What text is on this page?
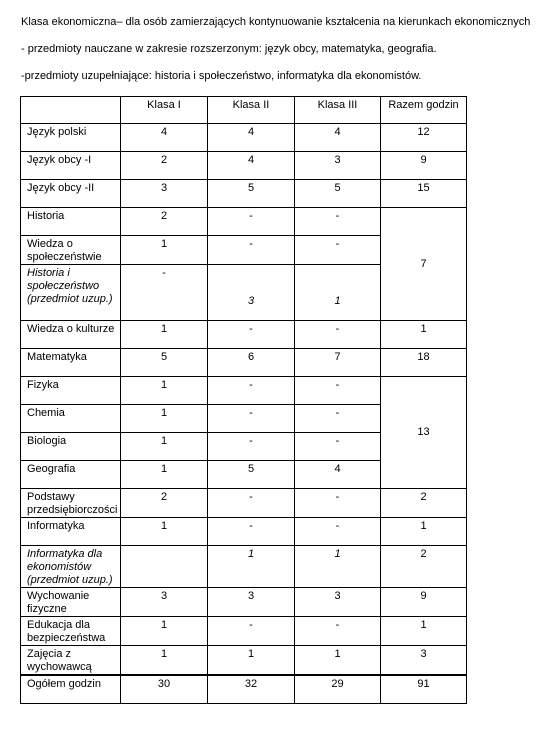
Klasa ekonomiczna– dla osób zamierzających kontynuowanie kształcenia na kierunkach ekonomicznych
- przedmioty nauczane w zakresie rozszerzonym: język obcy, matematyka, geografia.
-przedmioty uzupełniające: historia i społeczeństwo, informatyka dla ekonomistów.
	Klasa I	Klasa II	Klasa III	Razem godzin
Język polski	4	4	4	12
Język obcy -I	2	4	3	9
Język obcy -II	3	5	5	15
Historia	2	-	-	7
Wiedza o społeczeństwie	1	-	-	
Historia i społeczeństwo (przedmiot uzup.)	-	3	1	
Wiedza o kulturze	1	-	-	1
Matematyka	5	6	7	18
Fizyka	1	-	-	13
Chemia	1	-	-	
Biologia	1	-	-	
Geografia	1	5	4	
Podstawy przedsiębiorczości	2	-	-	2
Informatyka	1	-	-	1
Informatyka dla ekonomistów (przedmiot uzup.)		1	1	2
Wychowanie fizyczne	3	3	3	9
Edukacja dla bezpieczeństwa	1	-	-	1
Zajęcia z wychowawcą	1	1	1	3
Ogółem godzin	30	32	29	91
